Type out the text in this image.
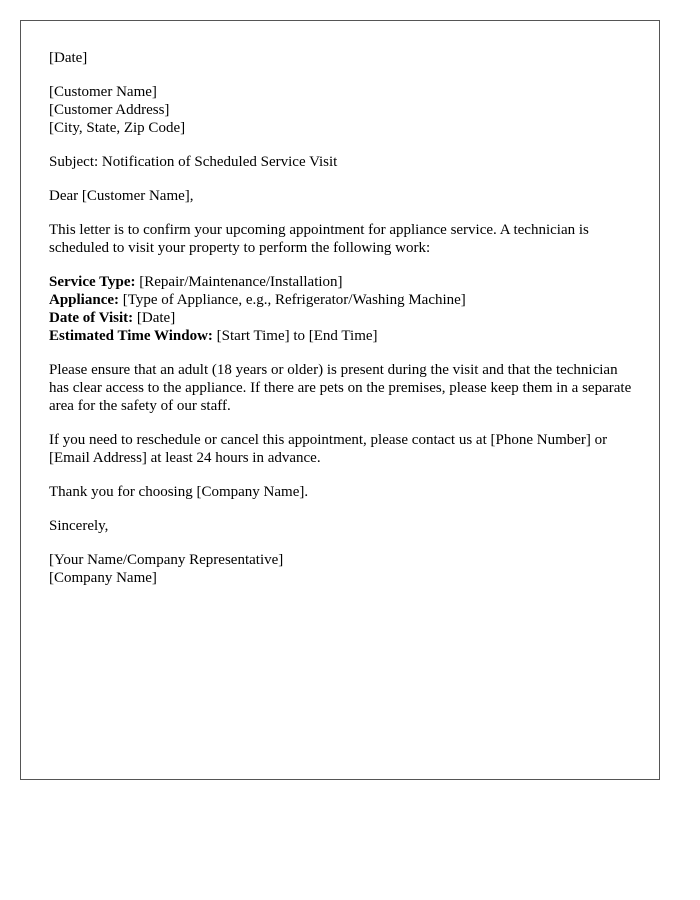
[Date]

[Customer Name]

[Customer Address]

[City, State, Zip Code]

Subject: Notification of Scheduled Service Visit

Dear [Customer Name],

This letter is to confirm your upcoming appointment for appliance service. A technician is scheduled to visit your property to perform the following work:

Service Type: [Repair/Maintenance/Installation]

Appliance: [Type of Appliance, e.g., Refrigerator/Washing Machine]

Date of Visit: [Date]

Estimated Time Window: [Start Time] to [End Time]

Please ensure that an adult (18 years or older) is present during the visit and that the technician has clear access to the appliance. If there are pets on the premises, please keep them in a separate area for the safety of our staff.

If you need to reschedule or cancel this appointment, please contact us at [Phone Number] or [Email Address] at least 24 hours in advance.

Thank you for choosing [Company Name].

Sincerely,

[Your Name/Company Representative]

[Company Name]
